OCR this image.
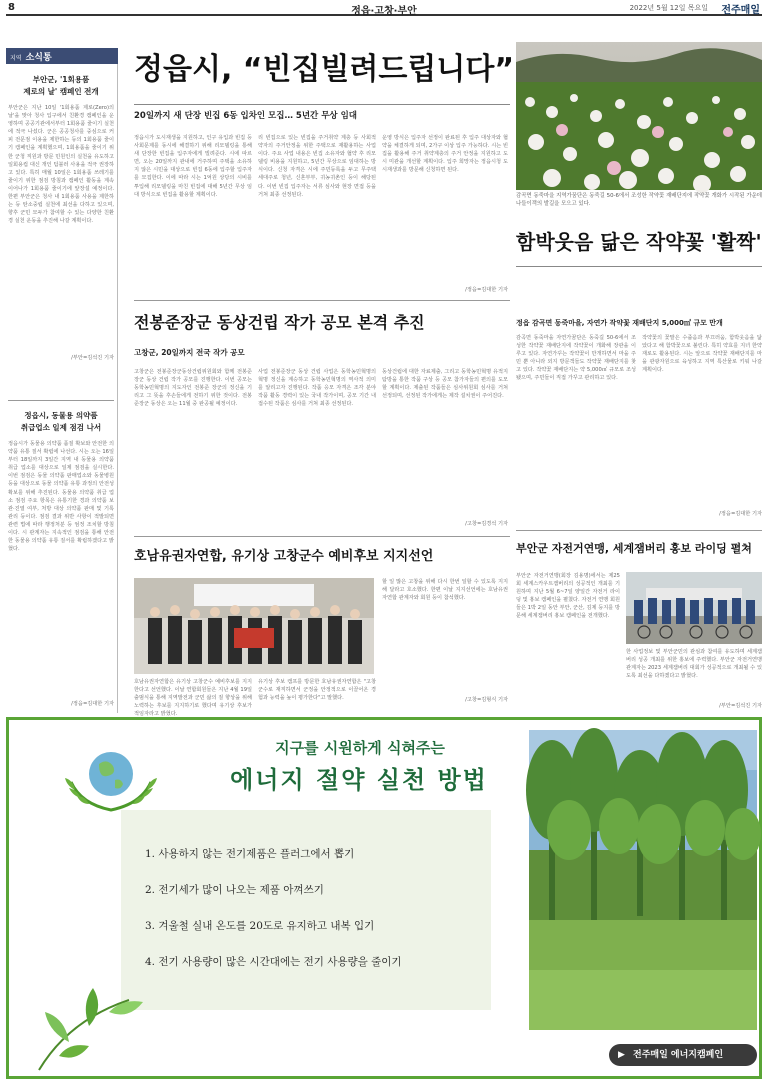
8	정읍·고창·부안	2022년 5월 12일 목요일 전주매일
지역 소식통
부안군, '1회용품
제로의 날' 캠페인 전개
부안군은 지난 10일 '1회용품 제로(Zero)의 날'을 맞아 청사 입구에서 친환경 캠페인을 운영하며 공공기관에서부터 1회용품 줄이기 실천에 적극 나섰다. 군은 공공청사를 중심으로 커피 전문점 이용을 제한하는 등의 1회용품 줄이기 캠페인을 계획했으며, 1회용품을 줄이기 위한 군청 직원과 방문 민원인의 실천을 유도하고 일회용컵 대신 개인 텀블러 사용을 적극 권장하고 있다. 특히 매월 10일은 1회용품 쓰레기를 줄이기 위한 점검 방침과 캠페인 활동을 계속 이어나가 1회용품 줄이기에 앞장설 예정이다. 한편 부안군은 청사 내 1회용품 사용을 제한하는 등 탄소중립 실천에 최선을 다하고 있으며, 향후 군민 모두가 참여할 수 있는 다양한 친환경 실천 운동을 추진해 나갈 계획이다.
/부안=김석진 기자
정읍시, 동물용 의약품
취급업소 일제 점검 나서
정읍시가 동물용 의약품 품질 확보와 안전한 의약품 유통 질서 확립에 나선다. 시는 오는 16일부터 18일까지 3일간 지역 내 동물용 의약품 취급 업소를 대상으로 일제 점검을 실시한다. 이번 점검은 동물 의약품 판매업소와 동물병원 등을 대상으로 동물 의약품 유통 과정의 안전성 확보를 위해 추진된다. 동물용 의약품 취급 업소 점검 주요 항목은 유통기한 경과 의약품 보관·진열 여부, 처방 대상 의약품 판매 및 기록 관리 등이다. 점검 결과 위반 사항이 적발되면 관련 법에 따라 행정처분 등 엄정 조치할 방침이다. 시 관계자는 지속적인 점검을 통해 안전한 동물용 의약품 유통 질서를 확립하겠다고 밝혔다.
/정읍=김대한 기자
정읍시, “빈집빌려드립니다”
20일까지 새 단장 빈집 6동 입차인 모집… 5년간 무상 임대
정읍시가 도시재생을 지원하고, 인구 유입과 빈집 등 사회문제를 동시에 해결하기 위해 리모델링을 통해 새 단장한 빈집을 입주자에게 빌려준다. 시에 따르면, 오는 20일까지 관내에 거주하며 주택을 소유하지 않은 시민을 대상으로 빈집 6동에 입주할 입주자를 모집한다. 이에 따라 시는 1억원 상당의 시비를 투입해 리모델링을 마친 빈집에 대해 5년간 무상 임대 방식으로 빈집을 활용할 계획이다.
리 빈집으로 있는 빈집을 주거취약 계층 등 사회적 약자의 주거안정을 위한 주택으로 재활용하는 사업이다. 주요 사업 내용은 빈집 소유자와 협약 후 리모델링 비용을 지원하고, 5년간 무상으로 임대하는 방식이다. 신청 자격은 시에 주민등록을 두고 무주택 세대주로 청년, 신혼부부, 귀농귀촌인 등이 해당된다. 이번 빈집 입주자는 서류 심사와 현장 면접 등을 거쳐 최종 선정된다.
운영 방식은 입주자 선정이 완료된 후 입주 대상자와 협약을 체결하게 되며, 2가구 이상 입주 가능하다. 시는 빈집을 활용해 주거 취약계층의 주거 안정을 지원하고 도시 미관을 개선할 계획이다. 입주 희망자는 정읍시청 도시재생과를 방문해 신청하면 된다.
/정읍=김대한 기자
감곡면 동죽마을 지역가꿈단은 동죽길 50-6에서 조성한 작약꽃 재배단지에 작약꽃 개화가 시작된 가운데 나들이객의 발길을 모으고 있다.
함박웃음 닮은 작약꽃 '활짝'
정읍 감곡면 동죽마을, 자연가 작약꽃 재배단지 5,000㎡ 규모 만개
감곡면 동죽마을 자연가꿈단은 동죽길 50-6에서 조성한 작약꽃 재배단지에 작약꽃이 개화해 장관을 이루고 있다. 자연가꾸는 작약꽃이 만개하면서 마을 주민 뿐 아니라 외지 방문객들도 작약꽃 재배단지를 찾고 있다. 작약꽃 재배단지는 약 5,000㎡ 규모로 조성됐으며, 주민들이 직접 가꾸고 관리하고 있다.
작약꽃의 꽃말은 수줍음과 부끄러움, 함박웃음을 닮았다고 해 함박꽃으로 불린다. 특히 약효를 지녀 한약재로도 활용된다. 시는 앞으로 작약꽃 재배단지를 마을 관광자원으로 육성하고 지역 특산물로 키워 나갈 계획이다.
/정읍=김대한 기자
전봉준장군 동상건립 작가 공모 본격 추진
고창군, 20일까지 전국 작가 공모
고창군은 전봉준장군동상건립위원회와 함께 전봉준장군 동상 건립 작가 공모를 진행한다. 이번 공모는 동학농민혁명의 지도자인 전봉준 장군의 정신을 기리고 그 뜻을 후손들에게 전하기 위한 것이다. 전봉준장군 동상은 오는 11월 중 완공될 예정이다.
사업 전봉준장군 동상 건립 사업은 동학농민혁명의 혁명 정신을 계승하고 동학농민혁명의 역사적 의미를 알리고자 진행된다. 작품 응모 자격은 조각 분야 작품 활동 경력이 있는 국내 작가이며, 공모 기간 내 접수된 작품은 심사를 거쳐 최종 선정된다.
동상건립에 대한 자료제출, 그리고 동학농민혁명 유적지 탐방을 통한 작품 구상 등 공모 참가자들의 편의를 도모할 계획이다. 제출된 작품들은 심사위원회 심사를 거쳐 선정되며, 선정된 작가에게는 제작 설치권이 주어진다.
/고창=김경석 기자
호남유권자연합, 유기상 고창군수 예비후보 지지선언
호남유권자연합은 유기상 고창군수 예비후보를 지지한다고 선언했다. 이날 연합회원들은 지난 4월 19일 출범식을 통해 지역발전과 군민 삶의 질 향상을 위해 노력하는 후보를 지지하기로 했다며 유기상 후보가 적임자라고 밝혔다.
유기상 후보 캠프를 방문한 호남유권자연합은 "고창군수로 재직하면서 군정을 안정적으로 이끌어온 경험과 능력을 높이 평가한다"고 말했다.
할 일 많은 고창을 위해 다시 한번 일할 수 있도록 지지해 달라고 호소했다. 한편 이날 지지선언에는 호남유권자연합 관계자와 회원 등이 참석했다.
/고창=김형식 기자
부안군 자전거연맹, 세계잼버리 홍보 라이딩 펼쳐
부안군 자전거연맹(회장 김용명)에서는 제25회 세계스카우트잼버리의 성공적인 개최를 기원하며 지난 5월 6~7일 양일간 자전거 라이딩 및 홍보 캠페인을 펼쳤다. 자전거 연맹 회원들은 1박 2일 동안 부안, 군산, 김제 등지를 방문해 세계잼버리 홍보 캠페인을 전개했다.
한 사업정보 및 부안군민의 관심과 참여를 유도하며 세계잼버리 성공 개최를 위한 홍보에 주력했다. 부안군 자전거연맹 관계자는 2023 세계잼버리 대회가 성공적으로 개최될 수 있도록 최선을 다하겠다고 밝혔다.
/부안=김석진 기자
지구를 시원하게 식혀주는
에너지 절약 실천 방법
1. 사용하지 않는 전기제품은 플러그에서 뽑기
2. 전기세가 많이 나오는 제품 아껴쓰기
3. 겨울철 실내 온도를 20도로 유지하고 내복 입기
4. 전기 사용량이 많은 시간대에는 전기 사용량을 줄이기
▶ 전주매일 에너지캠페인
